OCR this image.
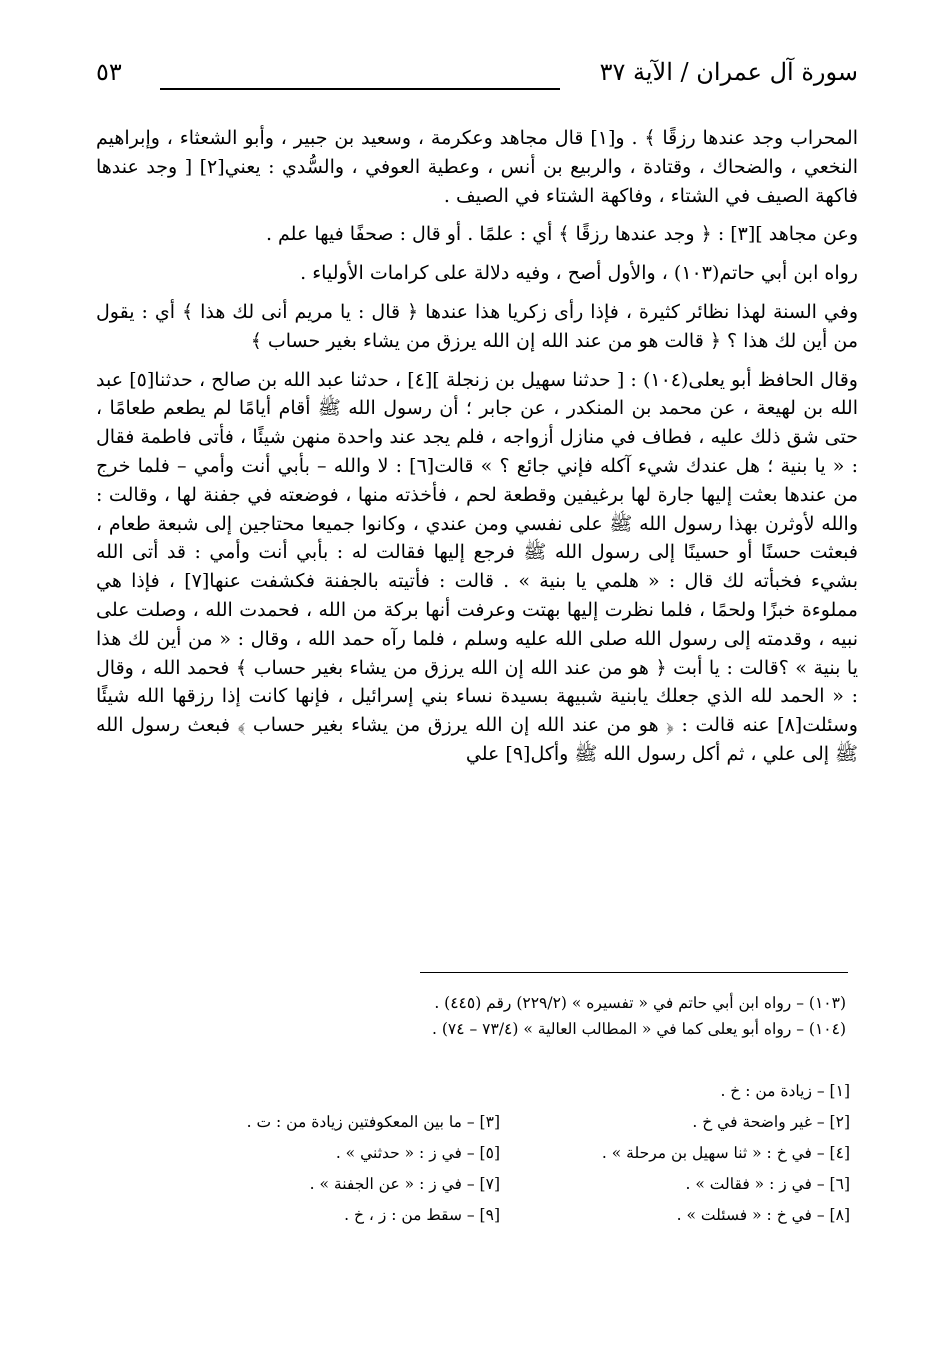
سورة آل عمران / الآية ٣٧
٥٣

المحراب وجد عندها رزقًا ﴾ . و[١] قال مجاهد وعكرمة ، وسعيد بن جبير ، وأبو الشعثاء ، وإبراهيم النخعي ، والضحاك ، وقتادة ، والربيع بن أنس ، وعطية العوفي ، والسُّدي : يعني[٢] [ وجد عندها فاكهة الصيف في الشتاء ، وفاكهة الشتاء في الصيف .

وعن مجاهد ][٣] : ﴿ وجد عندها رزقًا ﴾ أي : علمًا . أو قال : صحفًا فيها علم .

رواه ابن أبي حاتم(١٠٣) ، والأول أصح ، وفيه دلالة على كرامات الأولياء .

وفي السنة لهذا نظائر كثيرة ، فإذا رأى زكريا هذا عندها ﴿ قال : يا مريم أنى لك هذا ﴾ أي : يقول من أين لك هذا ؟ ﴿ قالت هو من عند الله إن الله يرزق من يشاء بغير حساب ﴾

وقال الحافظ أبو يعلى(١٠٤) : [ حدثنا سهيل بن زنجلة ][٤] ، حدثنا عبد الله بن صالح ، حدثنا[٥] عبد الله بن لهيعة ، عن محمد بن المنكدر ، عن جابر ؛ أن رسول الله ﷺ أقام أيامًا لم يطعم طعامًا ، حتى شق ذلك عليه ، فطاف في منازل أزواجه ، فلم يجد عند واحدة منهن شيئًا ، فأتى فاطمة فقال : « يا بنية ؛ هل عندك شيء آكله فإني جائع ؟ » قالت[٦] : لا والله – بأبي أنت وأمي – فلما خرج من عندها بعثت إليها جارة لها برغيفين وقطعة لحم ، فأخذته منها ، فوضعته في جفنة لها ، وقالت : والله لأوثرن بهذا رسول الله ﷺ على نفسي ومن عندي ، وكانوا جميعا محتاجين إلى شبعة طعام ، فبعثت حسنًا أو حسينًا إلى رسول الله ﷺ فرجع إليها فقالت له : بأبي أنت وأمي : قد أتى الله بشيء فخبأته لك قال : « هلمي يا بنية » . قالت : فأتيته بالجفنة فكشفت عنها[٧] ، فإذا هي مملوءة خبزًا ولحمًا ، فلما نظرت إليها بهتت وعرفت أنها بركة من الله ، فحمدت الله ، وصلت على نبيه ، وقدمته إلى رسول الله صلى الله عليه وسلم ، فلما رآه حمد الله ، وقال : « من أين لك هذا يا بنية » ؟قالت : يا أبت ﴿ هو من عند الله إن الله يرزق من يشاء بغير حساب ﴾ فحمد الله ، وقال : « الحمد لله الذي جعلك يابنية شبيهة بسيدة نساء بني إسرائيل ، فإنها كانت إذا رزقها الله شيئًا وسئلت[٨] عنه قالت : ﴿ هو من عند الله إن الله يرزق من يشاء بغير حساب ﴾ فبعث رسول الله ﷺ إلى علي ، ثم أكل رسول الله ﷺ وأكل[٩] علي

(١٠٣) – رواه ابن أبي حاتم في « تفسيره » (٢٢٩/٢) رقم (٤٤٥) .
(١٠٤) – رواه أبو يعلى كما في « المطالب العالية » (٧٣/٤ – ٧٤) .
[١] – زيادة من : خ .
[٢] – غير واضحة في خ .
[٣] – ما بين المعكوفتين زيادة من : ت .
[٤] – في خ : « ثنا سهيل بن مرحلة » .
[٥] – في ز : « حدثني » .
[٦] – في ز : « فقالت » .
[٧] – في ز : « عن الجفنة » .
[٨] – في خ : « فسئلت » .
[٩] – سقط من : ز ، خ .
